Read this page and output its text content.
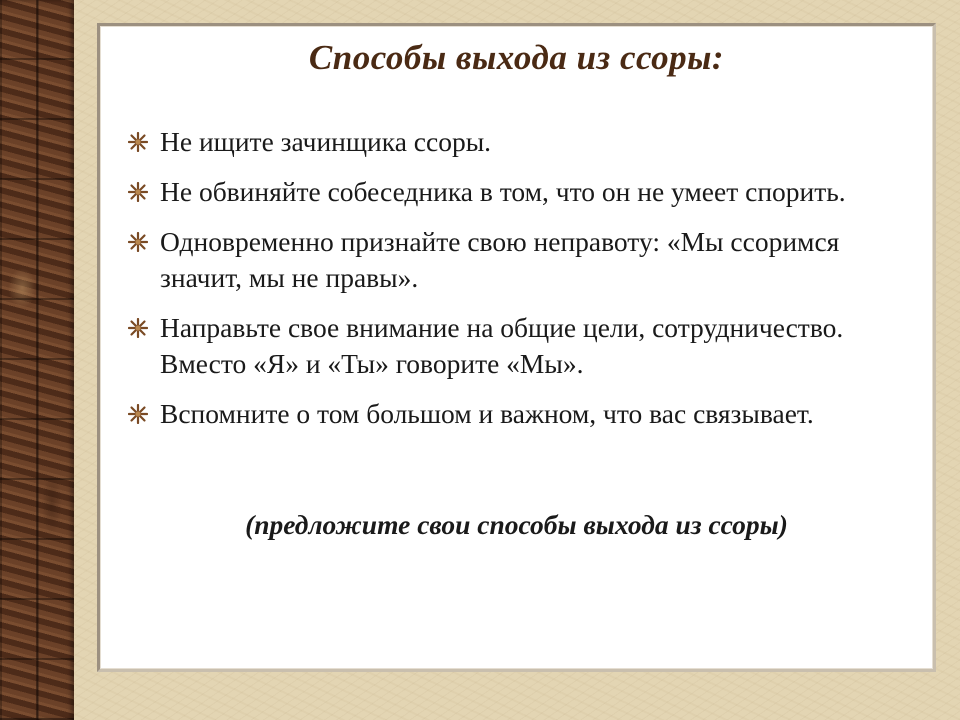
Способы выхода из ссоры:
Не ищите зачинщика ссоры.
Не обвиняйте собеседника в том, что он не умеет спорить.
Одновременно признайте свою неправоту: «Мы ссоримся значит, мы не правы».
Направьте свое внимание на общие цели, сотрудничество. Вместо «Я» и «Ты» говорите «Мы».
Вспомните о том большом и важном, что вас связывает.
(предложите свои способы выхода из ссоры)
